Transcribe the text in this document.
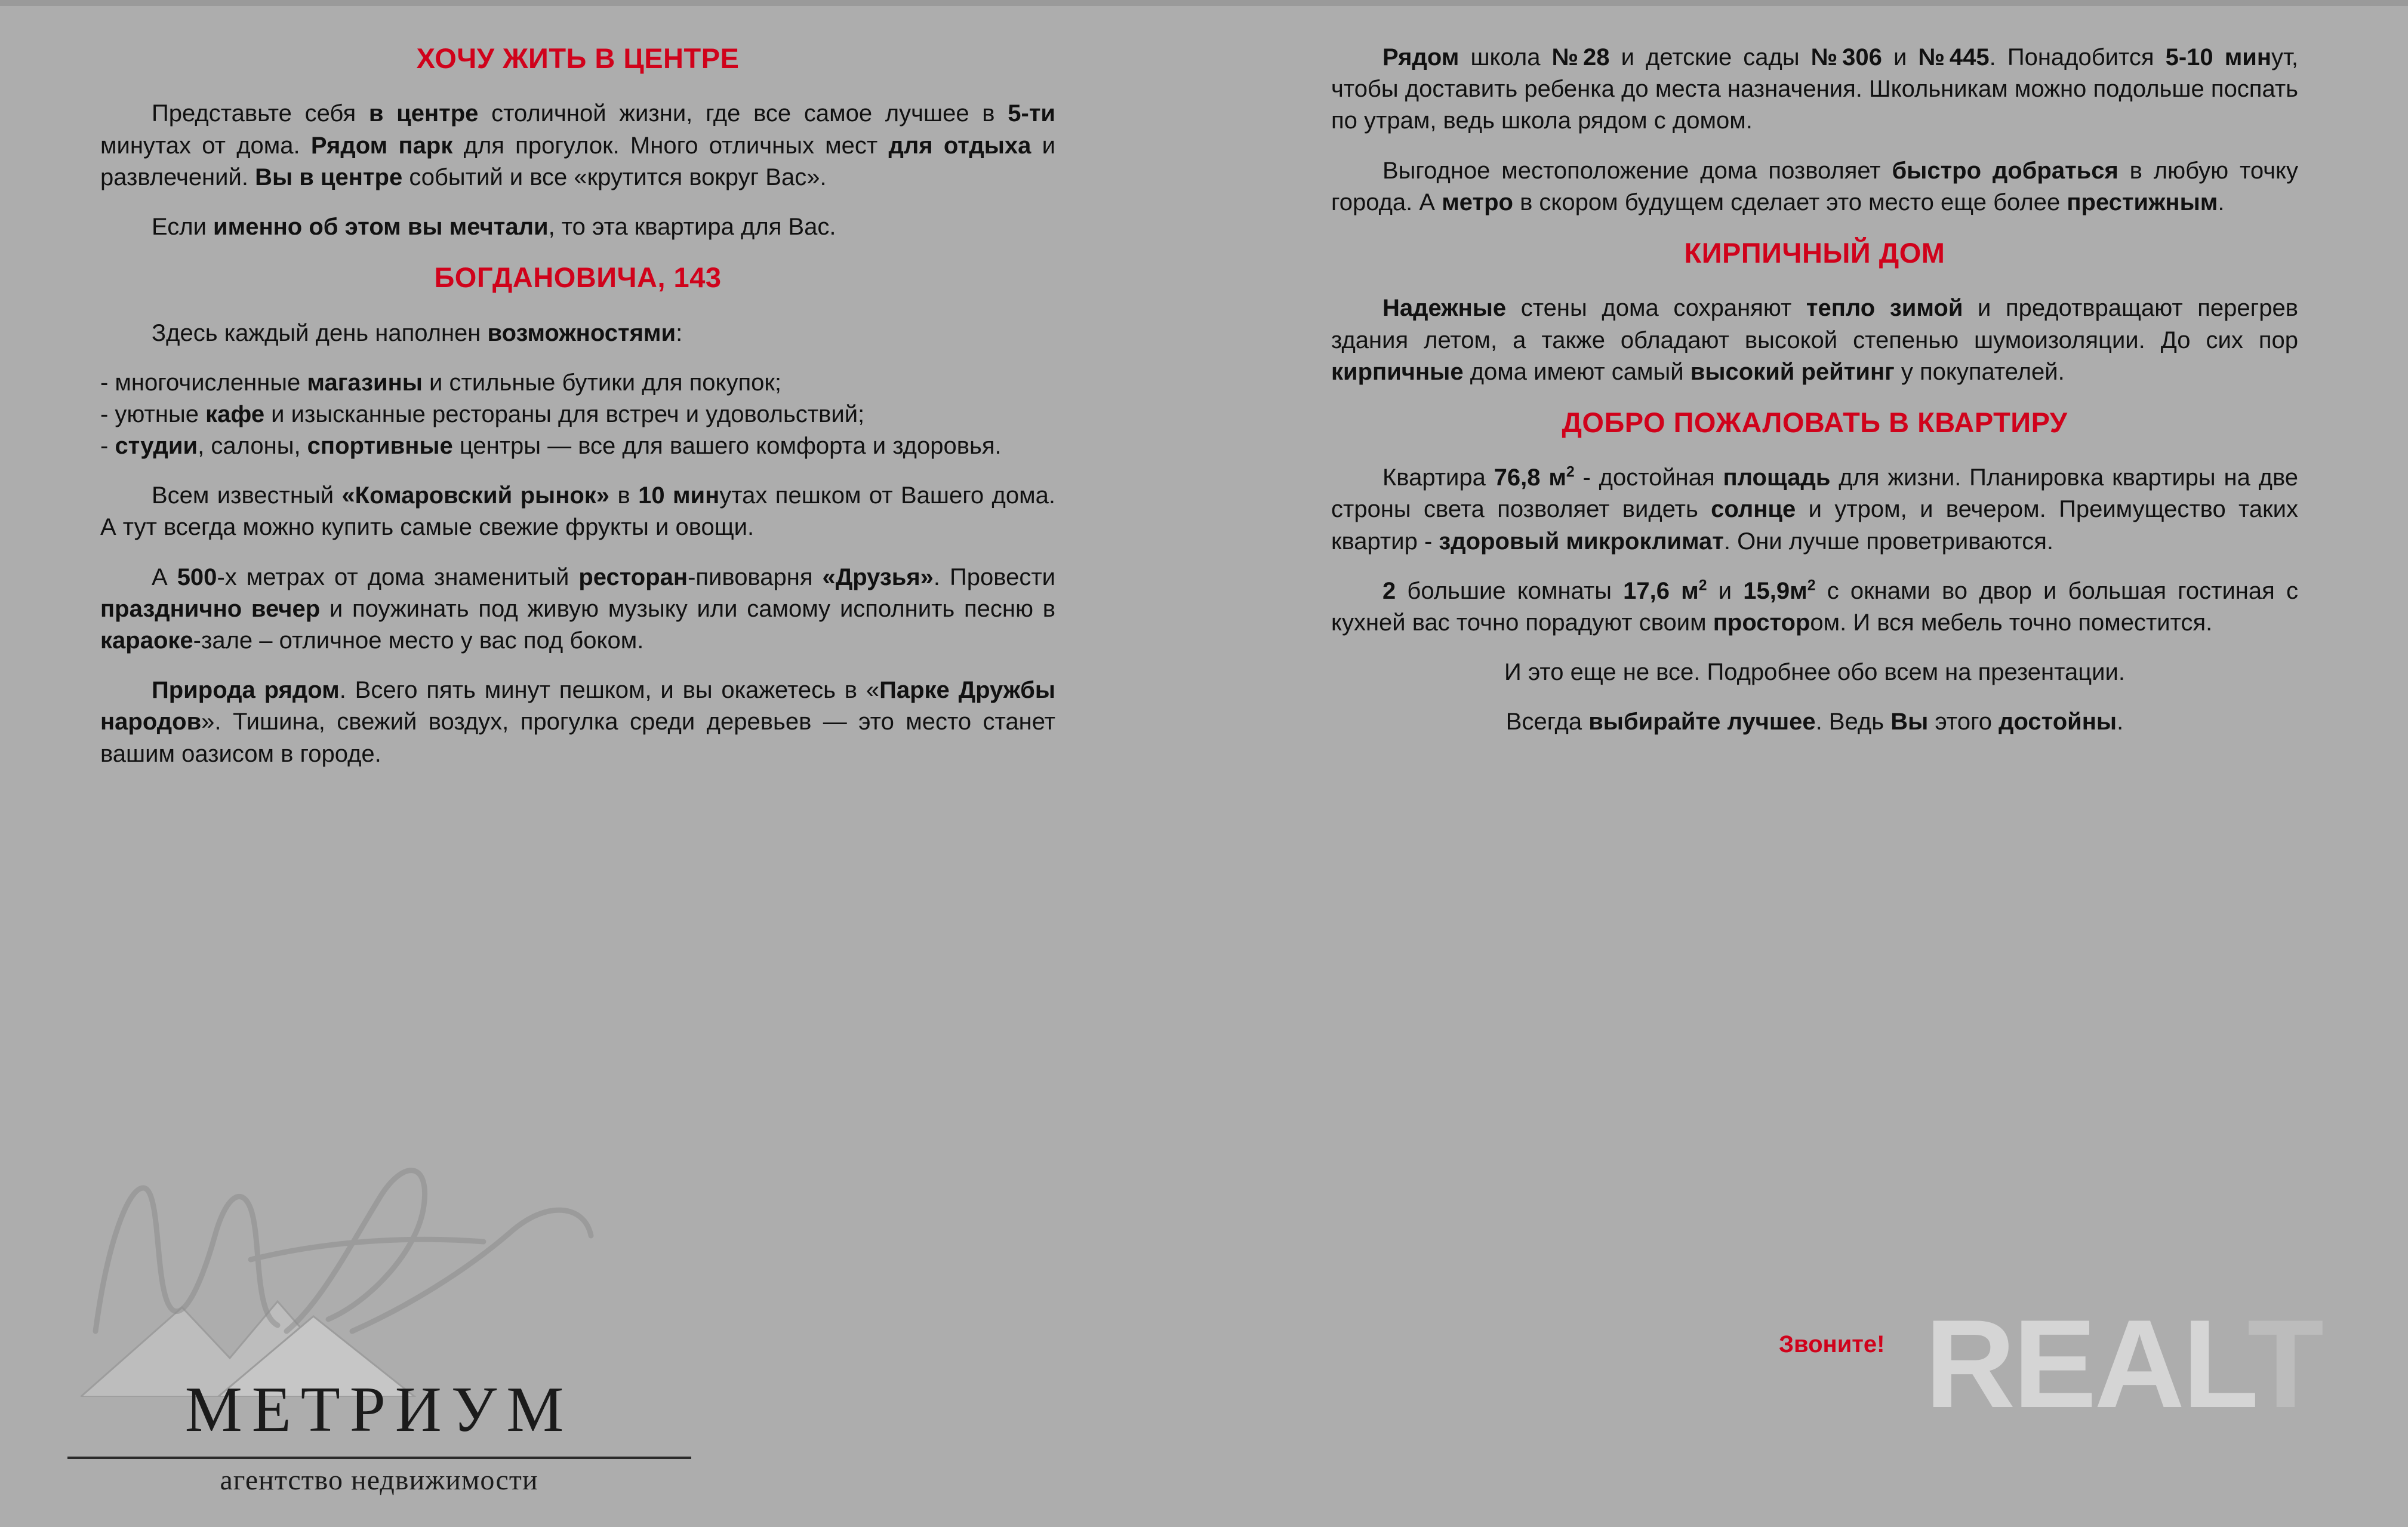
ХОЧУ ЖИТЬ В ЦЕНТРЕ

Представьте себя в центре столичной жизни, где все самое лучшее в 5-ти минутах от дома. Рядом парк для прогулок. Много отличных мест для отдыха и развлечений. Вы в центре событий и все «крутится вокруг Вас».

Если именно об этом вы мечтали, то эта квартира для Вас.

БОГДАНОВИЧА, 143

Здесь каждый день наполнен возможностями:

- многочисленные магазины и стильные бутики для покупок;

- уютные кафе и изысканные рестораны для встреч и удовольствий;

- студии, салоны, спортивные центры — все для вашего комфорта и здоровья.

Всем известный «Комаровский рынок» в 10 минутах пешком от Вашего дома. А тут всегда можно купить самые свежие фрукты и овощи.

А 500-х метрах от дома знаменитый ресторан-пивоварня «Друзья». Провести празднично вечер и поужинать под живую музыку или самому исполнить песню в караоке-зале – отличное место у вас под боком.

Природа рядом. Всего пять минут пешком, и вы окажетесь в «Парке Дружбы народов». Тишина, свежий воздух, прогулка среди деревьев — это место станет вашим оазисом в городе.

Рядом школа №28 и детские сады №306 и №445. Понадобится 5-10 минут, чтобы доставить ребенка до места назначения. Школьникам можно подольше поспать по утрам, ведь школа рядом с домом.

Выгодное местоположение дома позволяет быстро добраться в любую точку города. А метро в скором будущем сделает это место еще более престижным.

КИРПИЧНЫЙ ДОМ

Надежные стены дома сохраняют тепло зимой и предотвращают перегрев здания летом, а также обладают высокой степенью шумоизоляции. До сих пор кирпичные дома имеют самый высокий рейтинг у покупателей.

ДОБРО ПОЖАЛОВАТЬ В КВАРТИРУ

Квартира 76,8 $м^2$ - достойная площадь для жизни. Планировка квартиры на две строны света позволяет видеть солнце и утром, и вечером. Преимущество таких квартир - здоровый микроклимат. Они лучше проветриваются.

2 большие комнаты 17,6 $м^2$ и $15,9м^2$ с окнами во двор и большая гостиная с кухней вас точно порадуют своим простором. И вся мебель точно поместится.

И это еще не все. Подробнее обо всем на презентации.

Всегда выбирайте лучшее. Ведь Вы этого достойны.

Звоните!
МЕТРИУМ
агентство недвижимости
REALT
